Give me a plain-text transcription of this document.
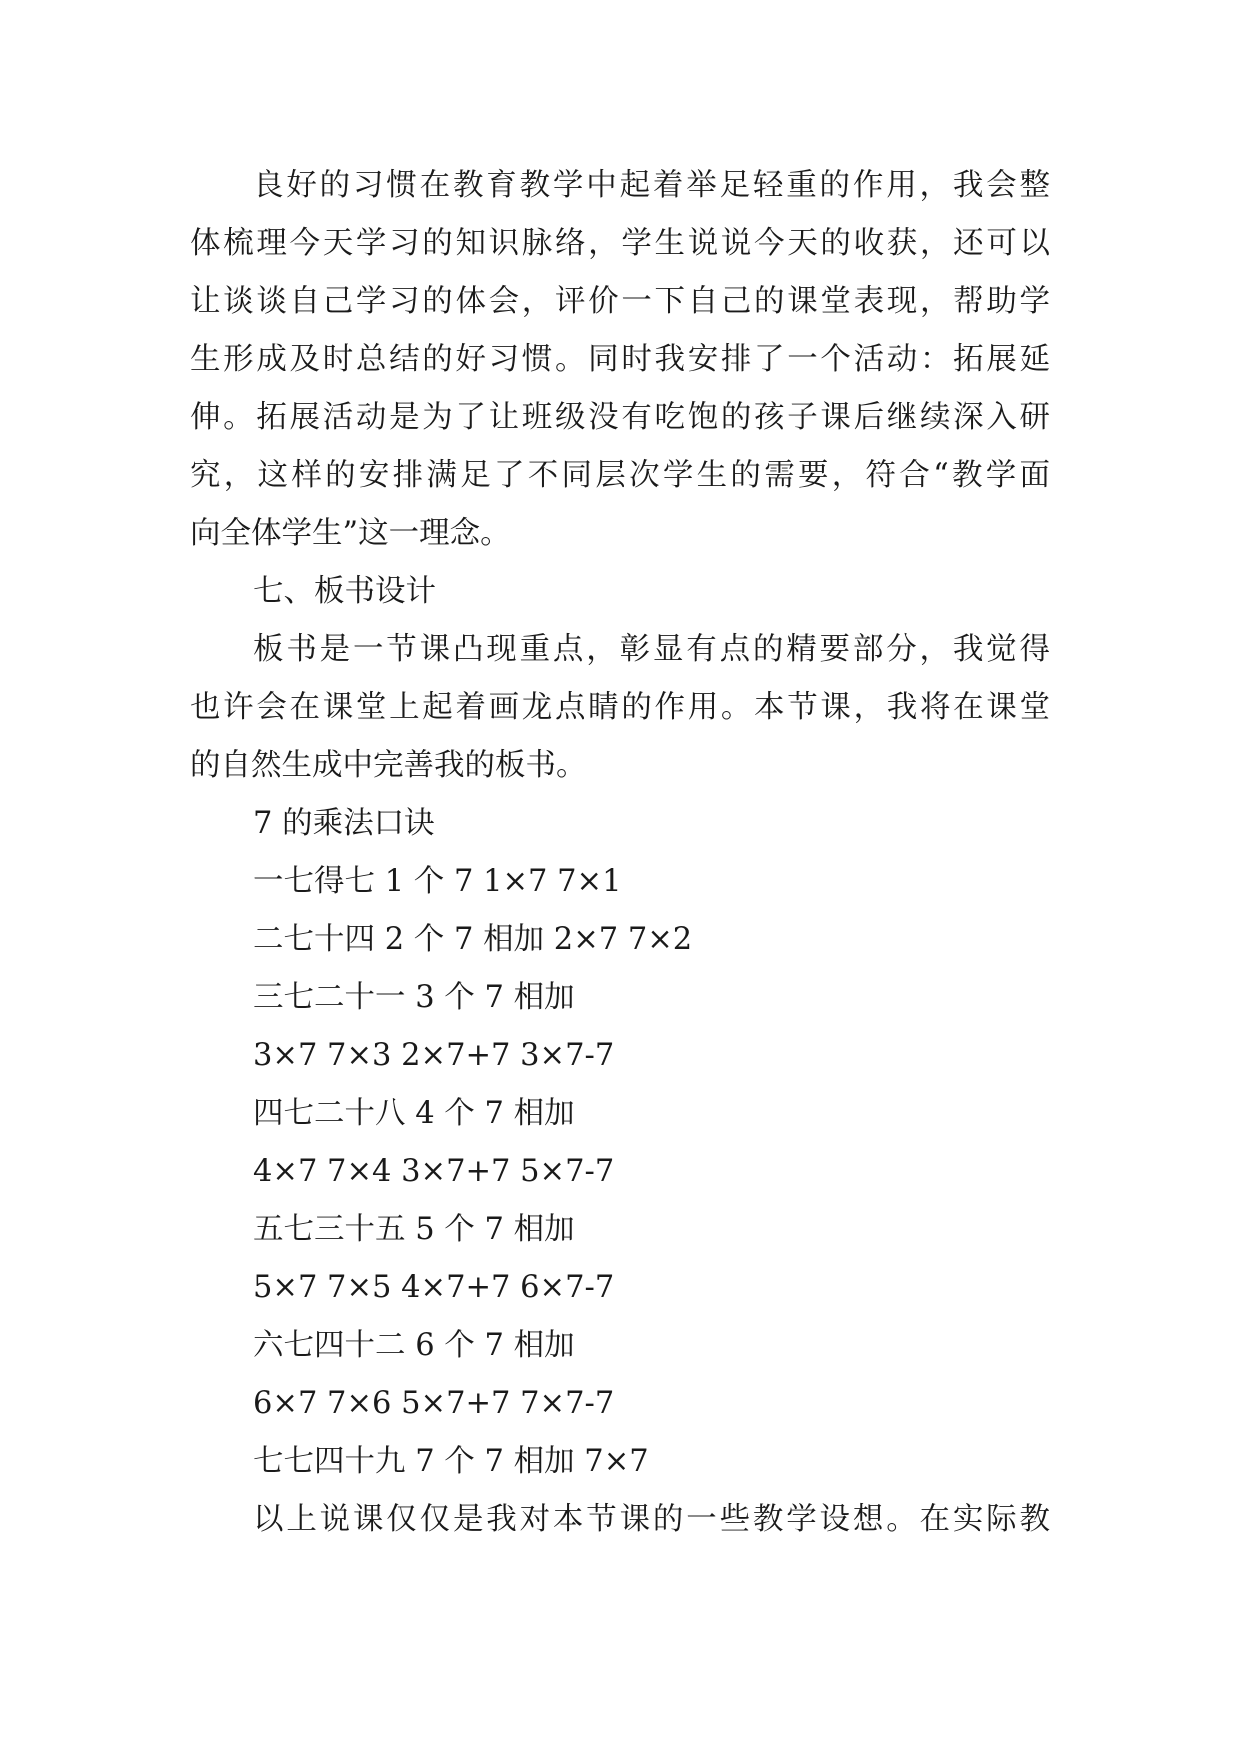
良好的习惯在教育教学中起着举足轻重的作用，我会整
体梳理今天学习的知识脉络，学生说说今天的收获，还可以
让谈谈自己学习的体会，评价一下自己的课堂表现，帮助学
生形成及时总结的好习惯。同时我安排了一个活动：拓展延
伸。拓展活动是为了让班级没有吃饱的孩子课后继续深入研
究，这样的安排满足了不同层次学生的需要，符合“教学面
向全体学生”这一理念。
七、板书设计
板书是一节课凸现重点，彰显有点的精要部分，我觉得
也许会在课堂上起着画龙点睛的作用。本节课，我将在课堂
的自然生成中完善我的板书。
7 的乘法口诀
一七得七 1 个 7 1×7 7×1
二七十四 2 个 7 相加 2×7 7×2
三七二十一 3 个 7 相加
3×7 7×3 2×7+7 3×7-7
四七二十八 4 个 7 相加
4×7 7×4 3×7+7 5×7-7
五七三十五 5 个 7 相加
5×7 7×5 4×7+7 6×7-7
六七四十二 6 个 7 相加
6×7 7×6 5×7+7 7×7-7
七七四十九 7 个 7 相加 7×7
以上说课仅仅是我对本节课的一些教学设想。在实际教
